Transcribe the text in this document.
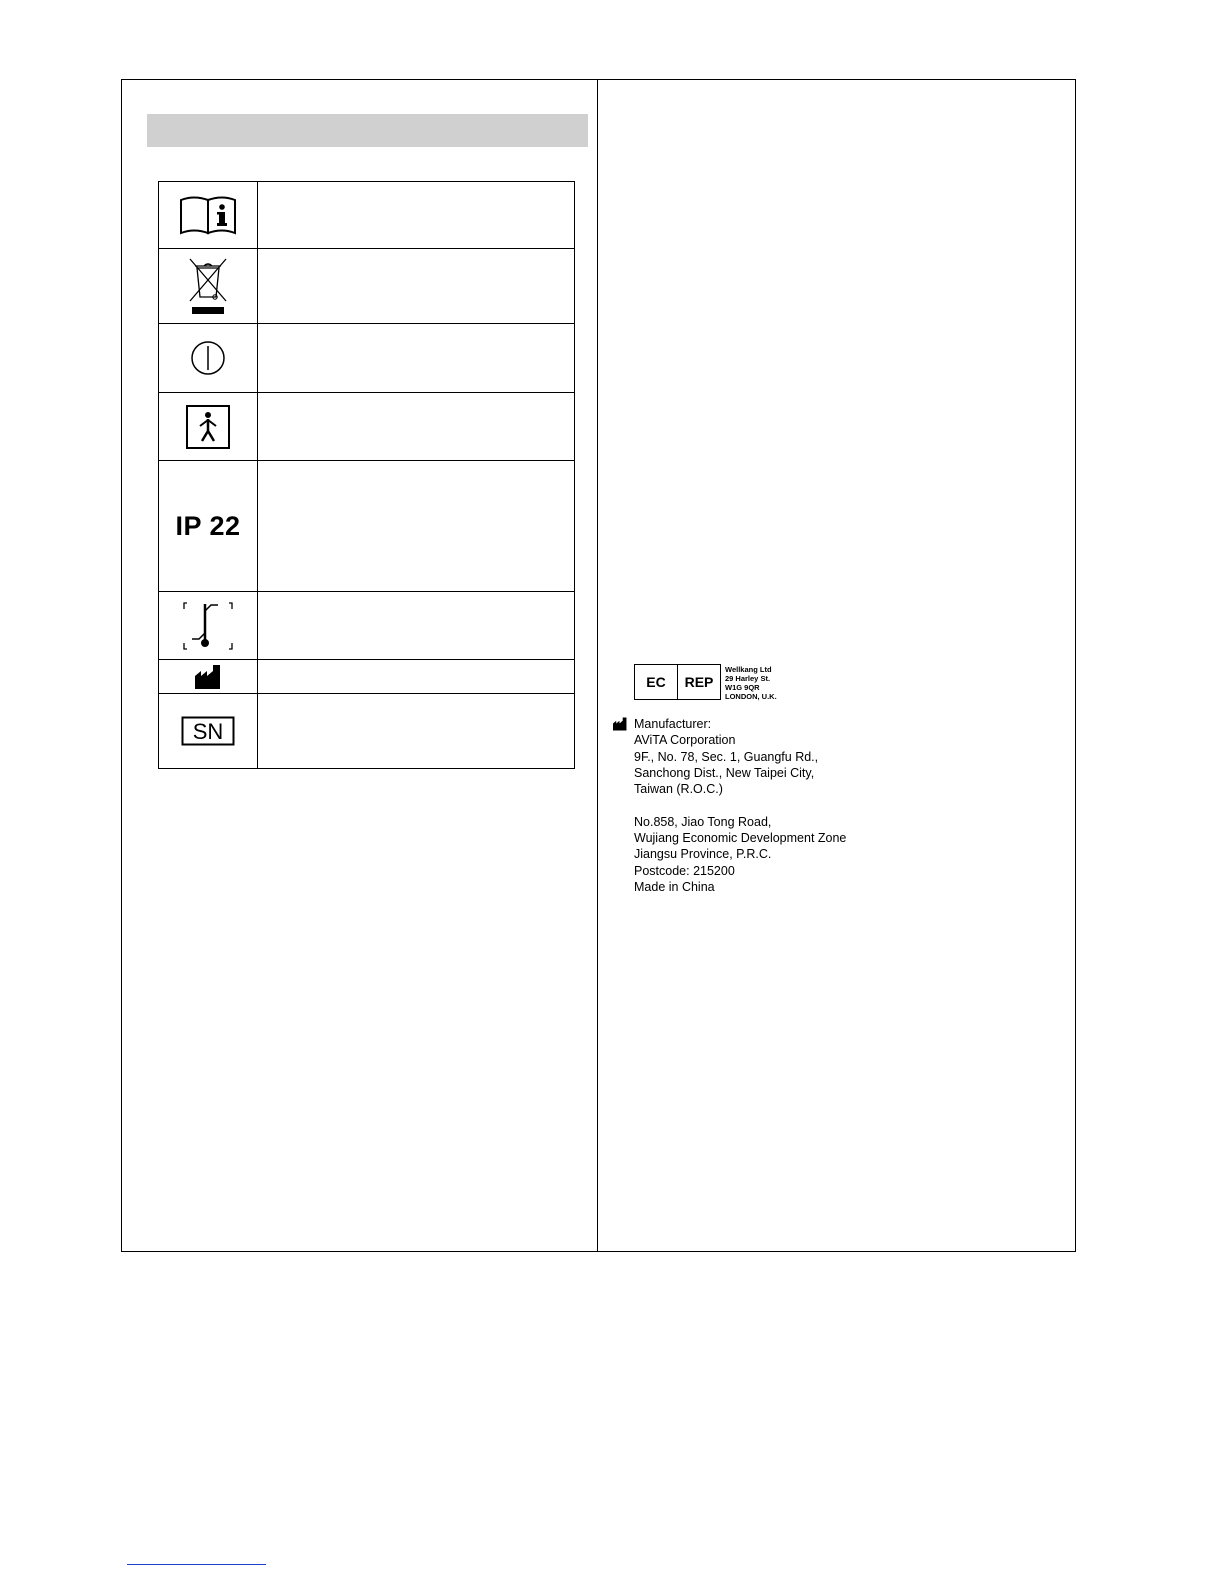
IP 22	

SN	

EC	REP
Wellkang Ltd
29 Harley St.
W1G 9QR
LONDON, U.K.
Manufacturer:
AViTA Corporation
9F., No. 78, Sec. 1, Guangfu Rd.,
Sanchong Dist., New Taipei City,
Taiwan (R.O.C.)
No.858, Jiao Tong Road,
Wujiang Economic Development Zone
Jiangsu Province, P.R.C.
Postcode: 215200
Made in China
